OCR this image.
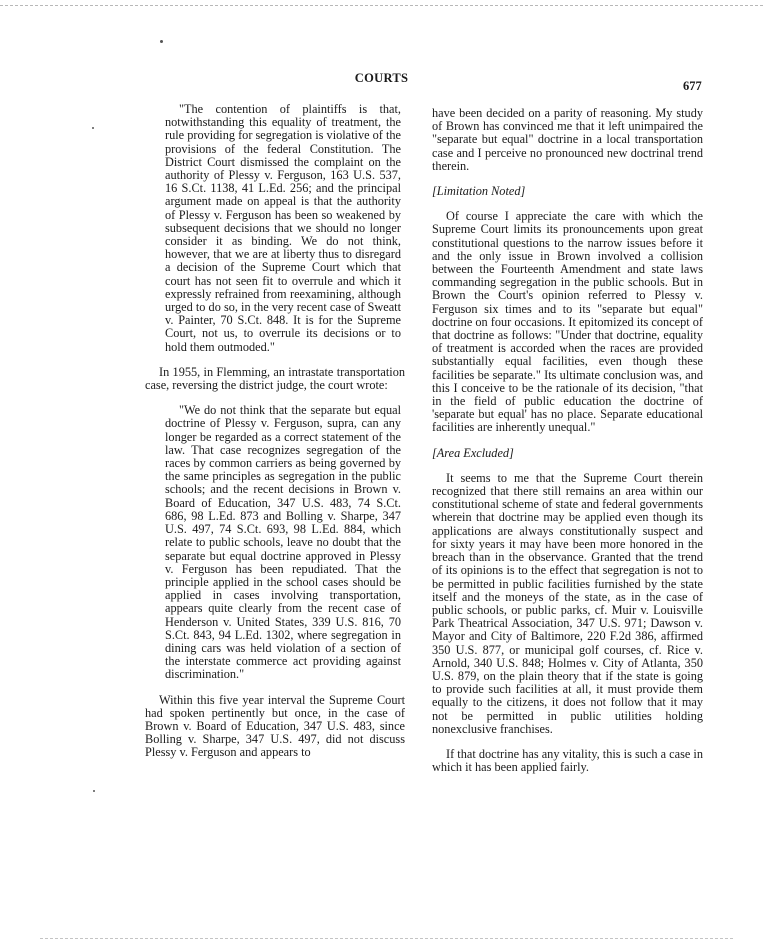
COURTS
677

"The contention of plaintiffs is that, notwithstanding this equality of treatment, the rule providing for segregation is violative of the provisions of the federal Constitution. The District Court dismissed the complaint on the authority of Plessy v. Ferguson, 163 U.S. 537, 16 S.Ct. 1138, 41 L.Ed. 256; and the principal argument made on appeal is that the authority of Plessy v. Ferguson has been so weakened by subsequent decisions that we should no longer consider it as binding. We do not think, however, that we are at liberty thus to disregard a decision of the Supreme Court which that court has not seen fit to overrule and which it expressly refrained from reexamining, although urged to do so, in the very recent case of Sweatt v. Painter, 70 S.Ct. 848. It is for the Supreme Court, not us, to overrule its decisions or to hold them outmoded."

In 1955, in Flemming, an intrastate transportation case, reversing the district judge, the court wrote:

"We do not think that the separate but equal doctrine of Plessy v. Ferguson, supra, can any longer be regarded as a correct statement of the law. That case recognizes segregation of the races by common carriers as being governed by the same principles as segregation in the public schools; and the recent decisions in Brown v. Board of Education, 347 U.S. 483, 74 S.Ct. 686, 98 L.Ed. 873 and Bolling v. Sharpe, 347 U.S. 497, 74 S.Ct. 693, 98 L.Ed. 884, which relate to public schools, leave no doubt that the separate but equal doctrine approved in Plessy v. Ferguson has been repudiated. That the principle applied in the school cases should be applied in cases involving transportation, appears quite clearly from the recent case of Henderson v. United States, 339 U.S. 816, 70 S.Ct. 843, 94 L.Ed. 1302, where segregation in dining cars was held violation of a section of the interstate commerce act providing against discrimination."

Within this five year interval the Supreme Court had spoken pertinently but once, in the case of Brown v. Board of Education, 347 U.S. 483, since Bolling v. Sharpe, 347 U.S. 497, did not discuss Plessy v. Ferguson and appears to

have been decided on a parity of reasoning. My study of Brown has convinced me that it left unimpaired the "separate but equal" doctrine in a local transportation case and I perceive no pronounced new doctrinal trend therein.

[Limitation Noted]

Of course I appreciate the care with which the Supreme Court limits its pronouncements upon great constitutional questions to the narrow issues before it and the only issue in Brown involved a collision between the Fourteenth Amendment and state laws commanding segregation in the public schools. But in Brown the Court's opinion referred to Plessy v. Ferguson six times and to its "separate but equal" doctrine on four occasions. It epitomized its concept of that doctrine as follows: "Under that doctrine, equality of treatment is accorded when the races are provided substantially equal facilities, even though these facilities be separate." Its ultimate conclusion was, and this I conceive to be the rationale of its decision, "that in the field of public education the doctrine of 'separate but equal' has no place. Separate educational facilities are inherently unequal."

[Area Excluded]

It seems to me that the Supreme Court therein recognized that there still remains an area within our constitutional scheme of state and federal governments wherein that doctrine may be applied even though its applications are always constitutionally suspect and for sixty years it may have been more honored in the breach than in the observance. Granted that the trend of its opinions is to the effect that segregation is not to be permitted in public facilities furnished by the state itself and the moneys of the state, as in the case of public schools, or public parks, cf. Muir v. Louisville Park Theatrical Association, 347 U.S. 971; Dawson v. Mayor and City of Baltimore, 220 F.2d 386, affirmed 350 U.S. 877, or municipal golf courses, cf. Rice v. Arnold, 340 U.S. 848; Holmes v. City of Atlanta, 350 U.S. 879, on the plain theory that if the state is going to provide such facilities at all, it must provide them equally to the citizens, it does not follow that it may not be permitted in public utilities holding nonexclusive franchises.

If that doctrine has any vitality, this is such a case in which it has been applied fairly.
